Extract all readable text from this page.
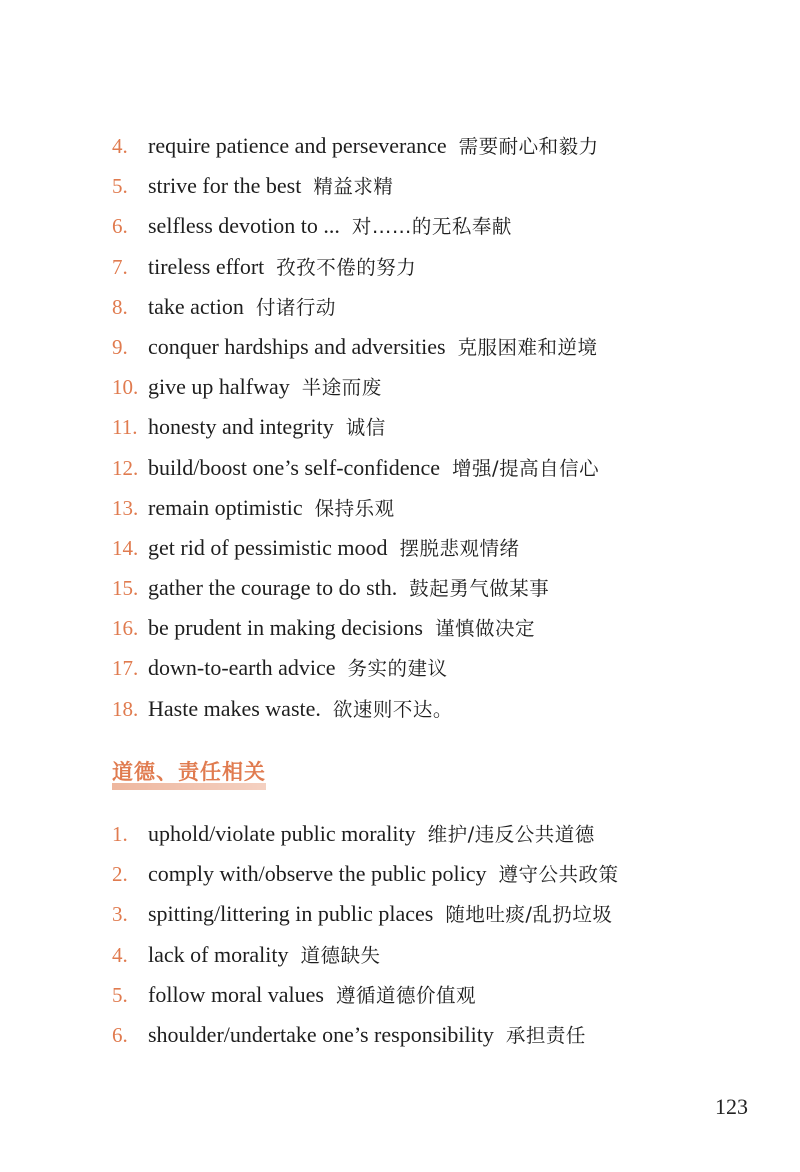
4. require patience and perseverance 需要耐心和毅力
5. strive for the best 精益求精
6. selfless devotion to ... 对……的无私奉献
7. tireless effort 孜孜不倦的努力
8. take action 付诸行动
9. conquer hardships and adversities 克服困难和逆境
10. give up halfway 半途而废
11. honesty and integrity 诚信
12. build/boost one’s self-confidence 增强/提高自信心
13. remain optimistic 保持乐观
14. get rid of pessimistic mood 摆脱悲观情绪
15. gather the courage to do sth. 鼓起勇气做某事
16. be prudent in making decisions 谨慎做决定
17. down-to-earth advice 务实的建议
18. Haste makes waste. 欲速则不达。
道德、责任相关
1. uphold/violate public morality 维护/违反公共道德
2. comply with/observe the public policy 遵守公共政策
3. spitting/littering in public places 随地吐痰/乱扔垃圾
4. lack of morality 道德缺失
5. follow moral values 遵循道德价值观
6. shoulder/undertake one’s responsibility 承担责任
123
